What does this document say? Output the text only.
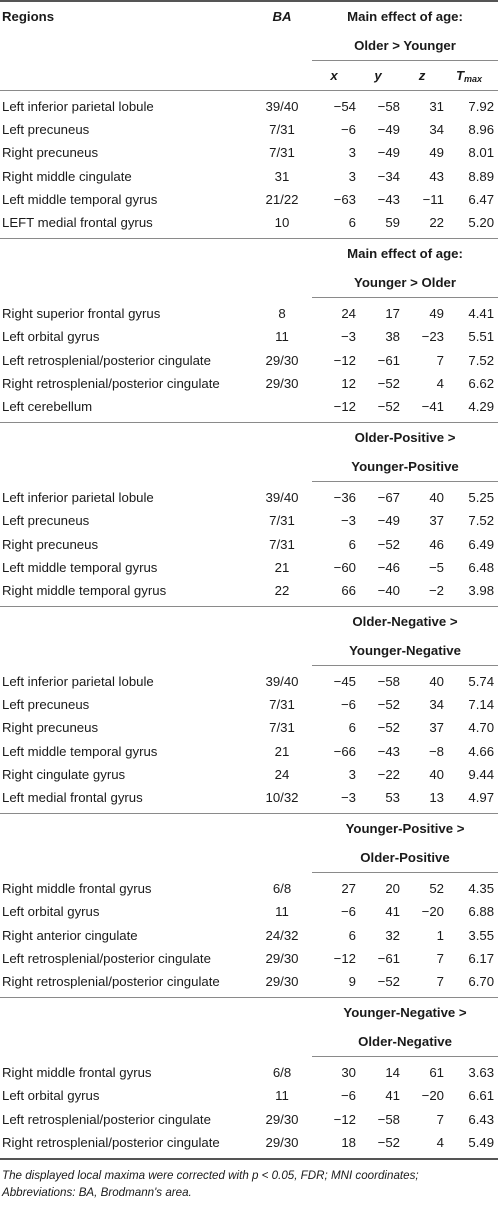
Regions	BA	Main effect of age:			
		Older > Younger			
		x	y	z	$T_{max}$

Left inferior parietal lobule	39/40	−54	−58	31	7.92
Left precuneus	7/31	−6	−49	34	8.96
Right precuneus	7/31	3	−49	49	8.01
Right middle cingulate	31	3	−34	43	8.89
Left middle temporal gyrus	21/22	−63	−43	−11	6.47
LEFT medial frontal gyrus	10	6	59	22	5.20

		Main effect of age:			
		Younger > Older			

Right superior frontal gyrus	8	24	17	49	4.41
Left orbital gyrus	11	−3	38	−23	5.51
Left retrosplenial/posterior cingulate	29/30	−12	−61	7	7.52
Right retrosplenial/posterior cingulate	29/30	12	−52	4	6.62
Left cerebellum		−12	−52	−41	4.29

		Older-Positive >			
		Younger-Positive			

Left inferior parietal lobule	39/40	−36	−67	40	5.25
Left precuneus	7/31	−3	−49	37	7.52
Right precuneus	7/31	6	−52	46	6.49
Left middle temporal gyrus	21	−60	−46	−5	6.48
Right middle temporal gyrus	22	66	−40	−2	3.98

		Older-Negative >			
		Younger-Negative			

Left inferior parietal lobule	39/40	−45	−58	40	5.74
Left precuneus	7/31	−6	−52	34	7.14
Right precuneus	7/31	6	−52	37	4.70
Left middle temporal gyrus	21	−66	−43	−8	4.66
Right cingulate gyrus	24	3	−22	40	9.44
Left medial frontal gyrus	10/32	−3	53	13	4.97

		Younger-Positive >			
		Older-Positive			

Right middle frontal gyrus	6/8	27	20	52	4.35
Left orbital gyrus	11	−6	41	−20	6.88
Right anterior cingulate	24/32	6	32	1	3.55
Left retrosplenial/posterior cingulate	29/30	−12	−61	7	6.17
Right retrosplenial/posterior cingulate	29/30	9	−52	7	6.70

		Younger-Negative >			
		Older-Negative			

Right middle frontal gyrus	6/8	30	14	61	3.63
Left orbital gyrus	11	−6	41	−20	6.61
Left retrosplenial/posterior cingulate	29/30	−12	−58	7	6.43
Right retrosplenial/posterior cingulate	29/30	18	−52	4	5.49

The displayed local maxima were corrected with p < 0.05, FDR; MNI coordinates; Abbreviations: BA, Brodmann's area.
